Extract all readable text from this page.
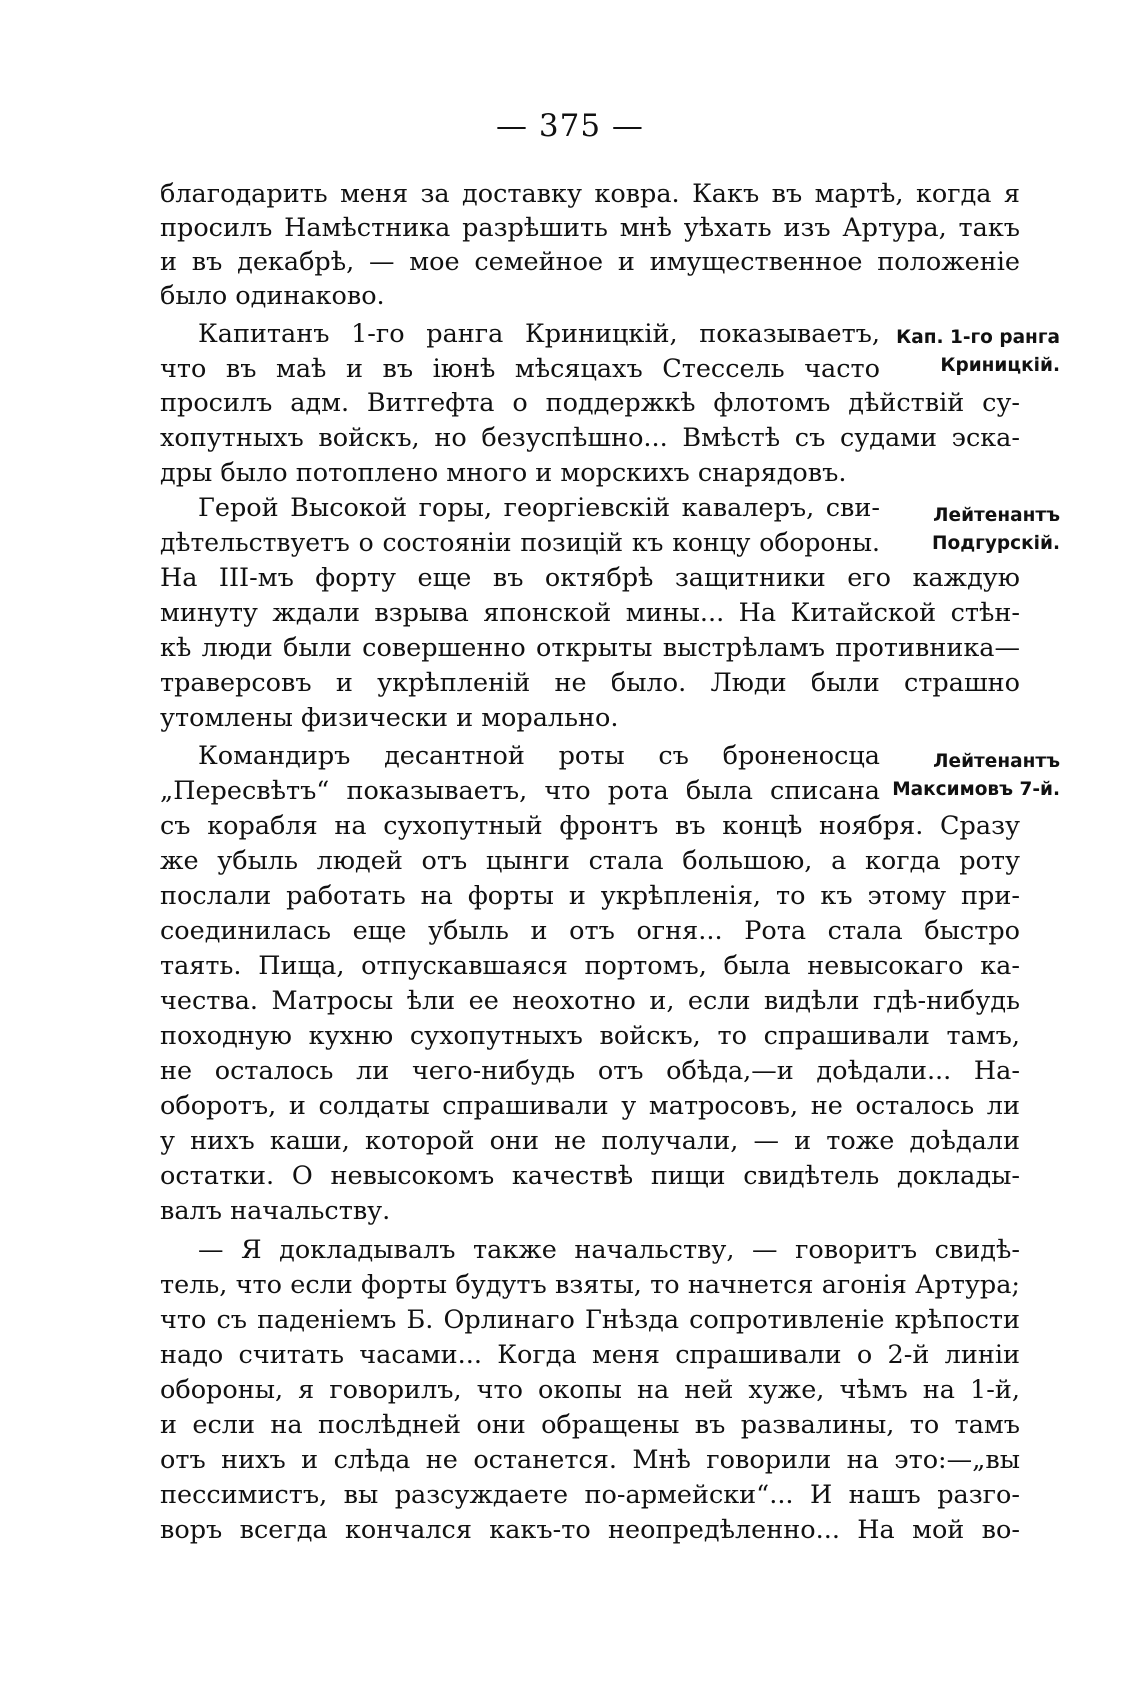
— 375 —
благодарить меня за доставку ковра. Какъ въ мартѣ, когда я
просилъ Намѣстника разрѣшить мнѣ уѣхать изъ Артура, такъ
и въ декабрѣ, — мое семейное и имущественное положеніе
было одинаково.
Капитанъ 1-го ранга Криницкій, показываетъ,
что въ маѣ и въ іюнѣ мѣсяцахъ Стессель часто
просилъ адм. Витгефта о поддержкѣ флотомъ дѣйствій су-
хопутныхъ войскъ, но безуспѣшно... Вмѣстѣ съ судами эска-
дры было потоплено много и морскихъ снарядовъ.
Кап. 1-го ранга
Криницкій.
Герой Высокой горы, георгіевскій кавалеръ, сви-
дѣтельствуетъ о состояніи позицій къ концу обороны.
На III-мъ форту еще въ октябрѣ защитники его каждую
минуту ждали взрыва японской мины... На Китайской стѣн-
кѣ люди были совершенно открыты выстрѣламъ противника—
траверсовъ и укрѣпленій не было. Люди были страшно
утомлены физически и морально.
Лейтенантъ
Подгурскій.
Командиръ десантной роты съ броненосца
„Пересвѣтъ“ показываетъ, что рота была списана
съ корабля на сухопутный фронтъ въ концѣ ноября. Сразу
же убыль людей отъ цынги стала большою, а когда роту
послали работать на форты и укрѣпленія, то къ этому при-
соединилась еще убыль и отъ огня... Рота стала быстро
таять. Пища, отпускавшаяся портомъ, была невысокаго ка-
чества. Матросы ѣли ее неохотно и, если видѣли гдѣ-нибудь
походную кухню сухопутныхъ войскъ, то спрашивали тамъ,
не осталось ли чего-нибудь отъ обѣда,—и доѣдали... На-
оборотъ, и солдаты спрашивали у матросовъ, не осталось ли
у нихъ каши, которой они не получали, — и тоже доѣдали
остатки. О невысокомъ качествѣ пищи свидѣтель доклады-
валъ начальству.
Лейтенантъ
Максимовъ 7-й.
— Я докладывалъ также начальству, — говоритъ свидѣ-
тель, что если форты будутъ взяты, то начнется агонія Артура;
что съ паденіемъ Б. Орлинаго Гнѣзда сопротивленіе крѣпости
надо считать часами... Когда меня спрашивали о 2-й линіи
обороны, я говорилъ, что окопы на ней хуже, чѣмъ на 1-й,
и если на послѣдней они обращены въ развалины, то тамъ
отъ нихъ и слѣда не останется. Мнѣ говорили на это:—„вы
пессимистъ, вы разсуждаете по-армейски“... И нашъ разго-
воръ всегда кончался какъ-то неопредѣленно... На мой во-
